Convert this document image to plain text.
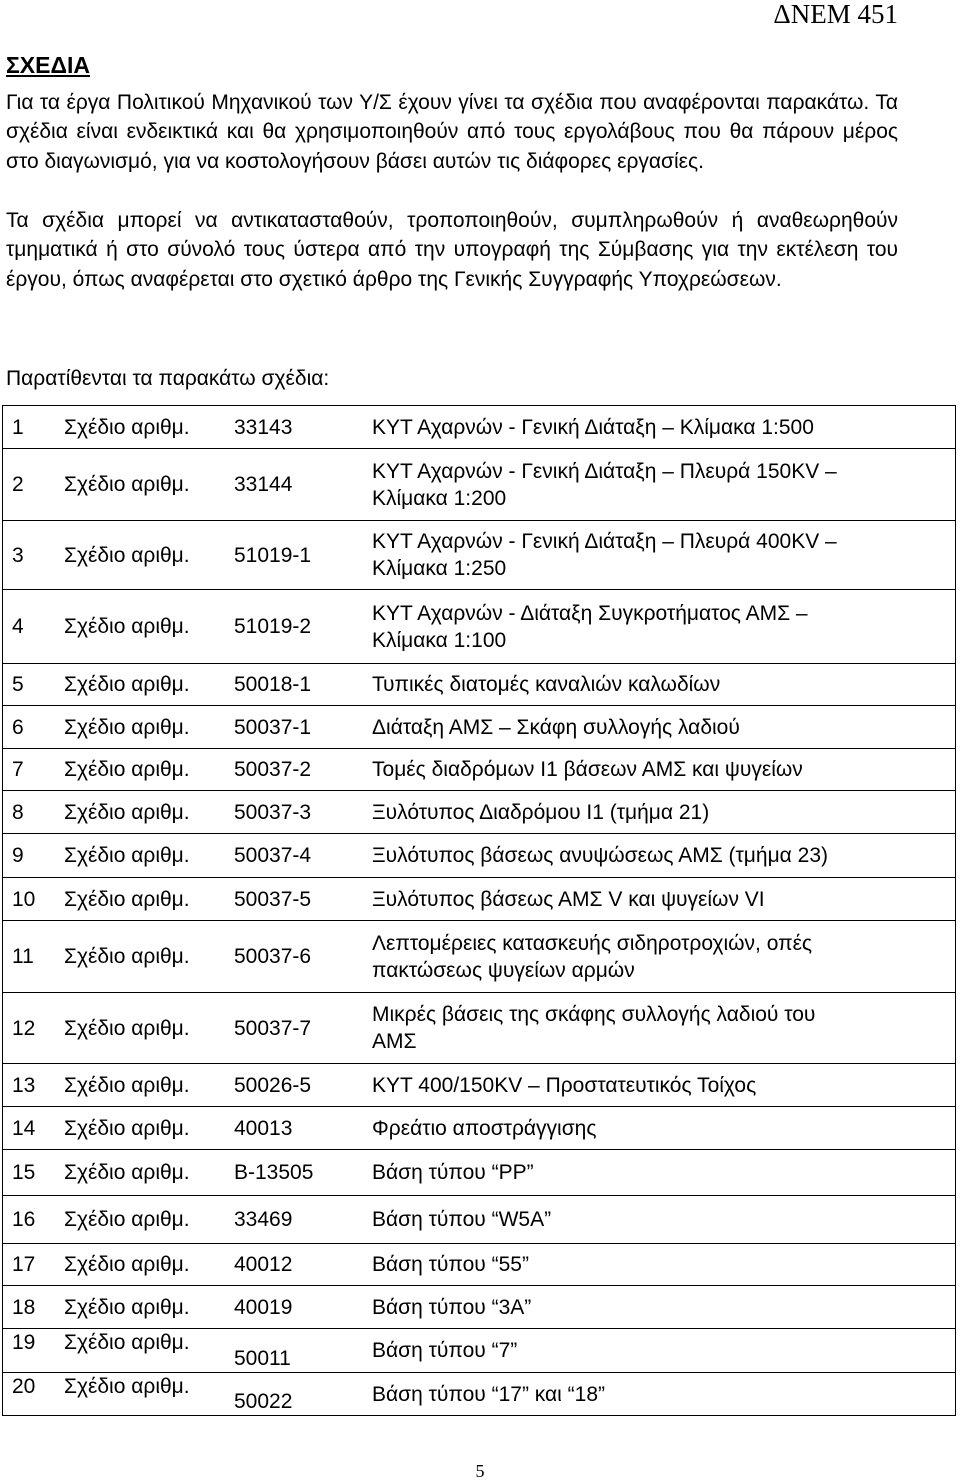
ΔΝΕΜ 451
ΣΧΕΔΙΑ
Για τα έργα Πολιτικού Μηχανικού των Υ/Σ έχουν γίνει τα σχέδια που αναφέρονται παρακάτω. Τα σχέδια είναι ενδεικτικά και θα χρησιμοποιηθούν από τους εργολάβους που θα πάρουν μέρος στο διαγωνισμό, για να κοστολογήσουν βάσει αυτών τις διάφορες εργασίες.
Τα σχέδια μπορεί να αντικατασταθούν, τροποποιηθούν, συμπληρωθούν ή αναθεωρηθούν τμηματικά ή στο σύνολό τους ύστερα από την υπογραφή της Σύμβασης για την εκτέλεση του έργου, όπως αναφέρεται στο σχετικό άρθρο της Γενικής Συγγραφής Υποχρεώσεων.
Παρατίθενται τα παρακάτω σχέδια:
1	Σχέδιο αριθμ.	33143	ΚΥΤ Αχαρνών - Γενική Διάταξη – Κλίμακα 1:500

2	Σχέδιο αριθμ.	33144	ΚΥΤ Αχαρνών - Γενική Διάταξη – Πλευρά 150KV –
Κλίμακα 1:200

3	Σχέδιο αριθμ.	51019-1	ΚΥΤ Αχαρνών - Γενική Διάταξη – Πλευρά 400KV –
Κλίμακα 1:250

4	Σχέδιο αριθμ.	51019-2	ΚΥΤ Αχαρνών - Διάταξη Συγκροτήματος ΑΜΣ –
Κλίμακα 1:100

5	Σχέδιο αριθμ.	50018-1	Τυπικές διατομές καναλιών καλωδίων

6	Σχέδιο αριθμ.	50037-1	Διάταξη ΑΜΣ – Σκάφη συλλογής λαδιού

7	Σχέδιο αριθμ.	50037-2	Τομές διαδρόμων Ι1 βάσεων ΑΜΣ και ψυγείων

8	Σχέδιο αριθμ.	50037-3	Ξυλότυπος Διαδρόμου Ι1 (τμήμα 21)

9	Σχέδιο αριθμ.	50037-4	Ξυλότυπος βάσεως ανυψώσεως ΑΜΣ (τμήμα 23)

10	Σχέδιο αριθμ.	50037-5	Ξυλότυπος βάσεως ΑΜΣ V και ψυγείων VI

11	Σχέδιο αριθμ.	50037-6	Λεπτομέρειες κατασκευής σιδηροτροχιών, οπές
πακτώσεως ψυγείων αρμών

12	Σχέδιο αριθμ.	50037-7	Μικρές βάσεις της σκάφης συλλογής λαδιού του
ΑΜΣ

13	Σχέδιο αριθμ.	50026-5	ΚΥΤ 400/150KV – Προστατευτικός Τοίχος

14	Σχέδιο αριθμ.	40013	Φρεάτιο αποστράγγισης

15	Σχέδιο αριθμ.	Β-13505	Βάση τύπου “PP”

16	Σχέδιο αριθμ.	33469	Βάση τύπου “W5A”

17	Σχέδιο αριθμ.	40012	Βάση τύπου “55”

18	Σχέδιο αριθμ.	40019	Βάση τύπου “3A”

19	Σχέδιο αριθμ.	50011	Βάση τύπου “7”

20	Σχέδιο αριθμ.	50022	Βάση τύπου “17” και “18”
5
